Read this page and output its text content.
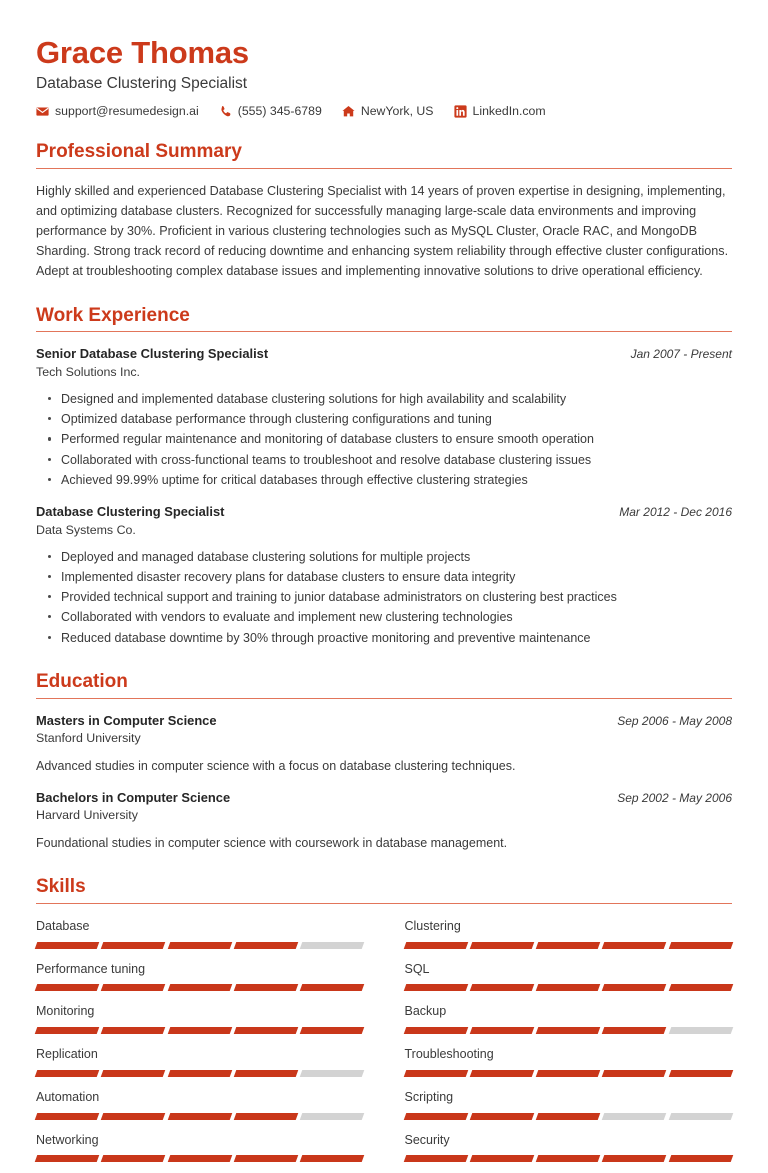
Grace Thomas
Database Clustering Specialist
support@resumedesign.ai	(555) 345-6789	NewYork, US	LinkedIn.com
Professional Summary

Highly skilled and experienced Database Clustering Specialist with 14 years of proven expertise in designing, implementing, and optimizing database clusters. Recognized for successfully managing large-scale data environments and improving performance by 30%. Proficient in various clustering technologies such as MySQL Cluster, Oracle RAC, and MongoDB Sharding. Strong track record of reducing downtime and enhancing system reliability through effective cluster configurations. Adept at troubleshooting complex database issues and implementing innovative solutions to drive operational efficiency.

Work Experience
Senior Database Clustering Specialist	Jan 2007 - Present
Tech Solutions Inc.
Designed and implemented database clustering solutions for high availability and scalability
Optimized database performance through clustering configurations and tuning
Performed regular maintenance and monitoring of database clusters to ensure smooth operation
Collaborated with cross-functional teams to troubleshoot and resolve database clustering issues
Achieved 99.99% uptime for critical databases through effective clustering strategies
Database Clustering Specialist	Mar 2012 - Dec 2016
Data Systems Co.
Deployed and managed database clustering solutions for multiple projects
Implemented disaster recovery plans for database clusters to ensure data integrity
Provided technical support and training to junior database administrators on clustering best practices
Collaborated with vendors to evaluate and implement new clustering technologies
Reduced database downtime by 30% through proactive monitoring and preventive maintenance
Education
Masters in Computer Science	Sep 2006 - May 2008
Stanford University
Advanced studies in computer science with a focus on database clustering techniques.
Bachelors in Computer Science	Sep 2002 - May 2006
Harvard University
Foundational studies in computer science with coursework in database management.
Skills
Database	Clustering
Performance tuning	SQL
Monitoring	Backup
Replication	Troubleshooting
Automation	Scripting
Networking	Security
